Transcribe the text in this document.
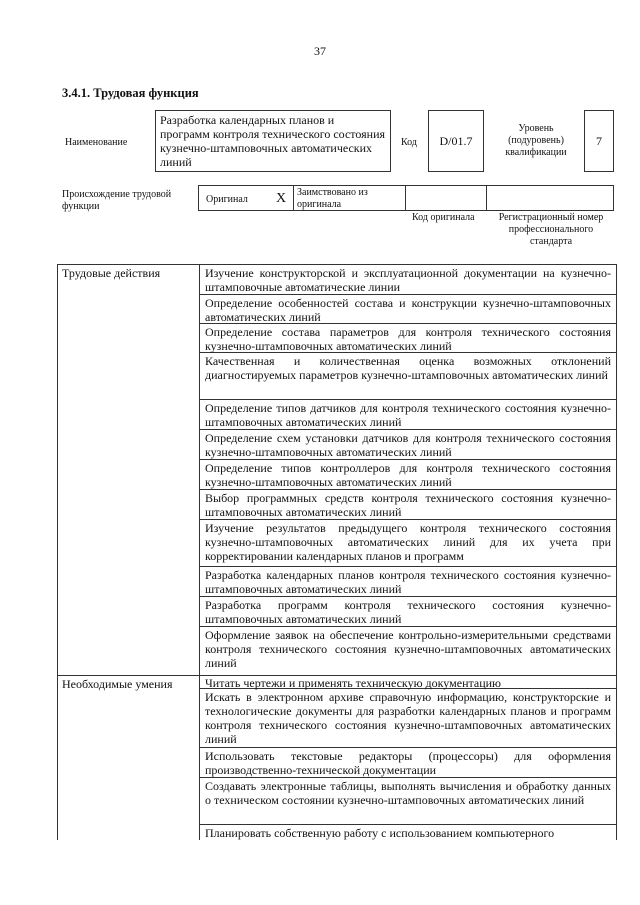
37
3.4.1. Трудовая функция
Наименование
Разработка календарных планов и программ контроля технического состояния кузнечно-штамповочных автоматических линий
Код	D/01.7
Уровень (подуровень) квалификации
7
Происхождение трудовой функции
Оригинал X Заимствовано из оригинала
Код оригинала	Регистрационный номер профессионального стандарта
Трудовые действия
Необходимые умения
Изучение конструкторской и эксплуатационной документации на кузнечно-штамповочные автоматические линии
Определение особенностей состава и конструкции кузнечно-штамповочных автоматических линий
Определение состава параметров для контроля технического состояния кузнечно-штамповочных автоматических линий
Качественная и количественная оценка возможных отклонений диагностируемых параметров кузнечно-штамповочных автоматических линий
Определение типов датчиков для контроля технического состояния кузнечно-штамповочных автоматических линий
Определение схем установки датчиков для контроля технического состояния кузнечно-штамповочных автоматических линий
Определение типов контроллеров для контроля технического состояния кузнечно-штамповочных автоматических линий
Выбор программных средств контроля технического состояния кузнечно-штамповочных автоматических линий
Изучение результатов предыдущего контроля технического состояния кузнечно-штамповочных автоматических линий для их учета при корректировании календарных планов и программ
Разработка календарных планов контроля технического состояния кузнечно-штамповочных автоматических линий
Разработка программ контроля технического состояния кузнечно-штамповочных автоматических линий
Оформление заявок на обеспечение контрольно-измерительными средствами контроля технического состояния кузнечно-штамповочных автоматических линий
Читать чертежи и применять техническую документацию
Искать в электронном архиве справочную информацию, конструкторские и технологические документы для разработки календарных планов и программ контроля технического состояния кузнечно-штамповочных автоматических линий
Использовать текстовые редакторы (процессоры) для оформления производственно-технической документации
Создавать электронные таблицы, выполнять вычисления и обработку данных о техническом состоянии кузнечно-штамповочных автоматических линий
Планировать собственную работу с использованием компьютерного
